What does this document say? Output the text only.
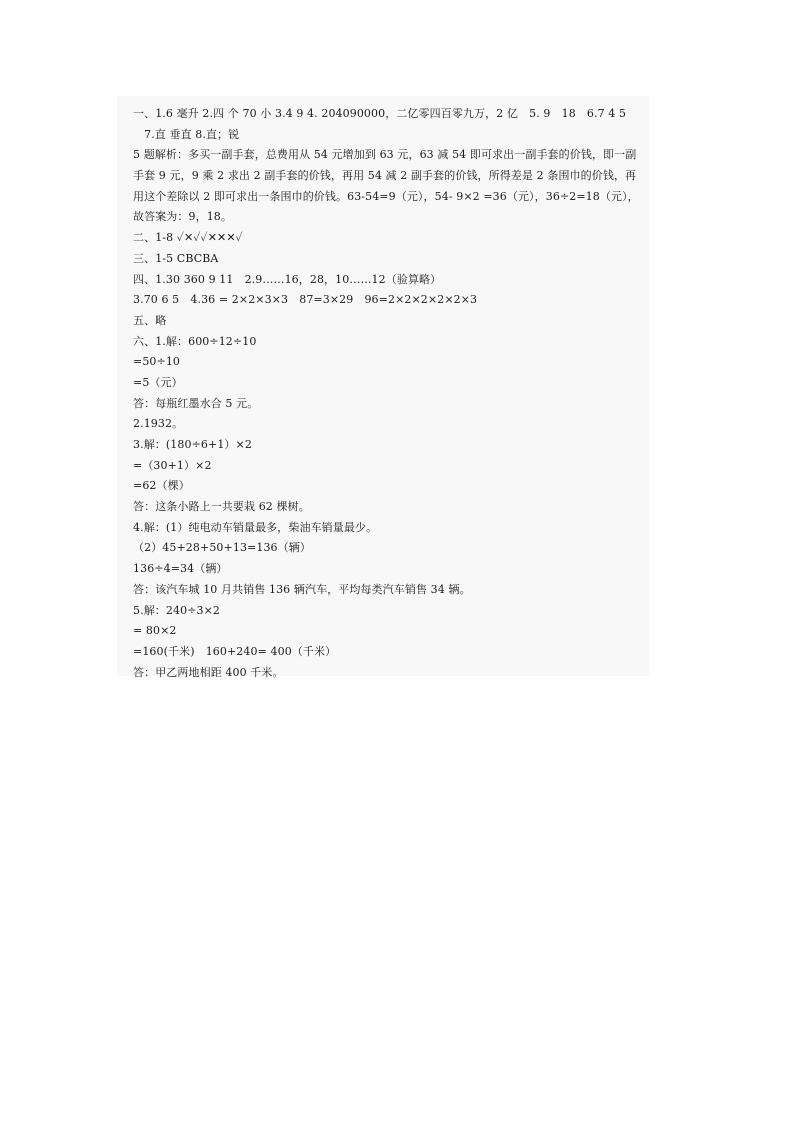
一、1.6 毫升 2.四 个 70 小 3.4 9 4. 204090000，二亿零四百零九万，2 亿　5. 9　18　6.7 4 5
　7.直 垂直 8.直；锐
5 题解析：多买一副手套，总费用从 54 元增加到 63 元，63 减 54 即可求出一副手套的价钱，即一副
手套 9 元，9 乘 2 求出 2 副手套的价钱，再用 54 减 2 副手套的价钱，所得差是 2 条围巾的价钱，再
用这个差除以 2 即可求出一条围巾的价钱。63-54=9（元），54- 9×2 =36（元），36÷2=18（元），
故答案为：9，18。
二、1-8 ✓✕✓✓✕✕✕✓
三、1-5 CBCBA
四、1.30 360 9 11　2.9……16，28，10……12（验算略）
3.70 6 5　4.36 = 2×2×3×3　87=3×29　96=2×2×2×2×2×3
五、略
六、1.解：600÷12÷10
=50÷10
=5（元）
答：每瓶红墨水合 5 元。
2.1932。
3.解：(180÷6+1）×2
=（30+1）×2
=62（棵）
答：这条小路上一共要栽 62 棵树。
4.解：(1）纯电动车销量最多，柴油车销量最少。
（2）45+28+50+13=136（辆）
136÷4=34（辆）
答：该汽车城 10 月共销售 136 辆汽车，平均每类汽车销售 34 辆。
5.解：240÷3×2
= 80×2
=160(千米)　160+240= 400（千米）
答：甲乙两地相距 400 千米。
